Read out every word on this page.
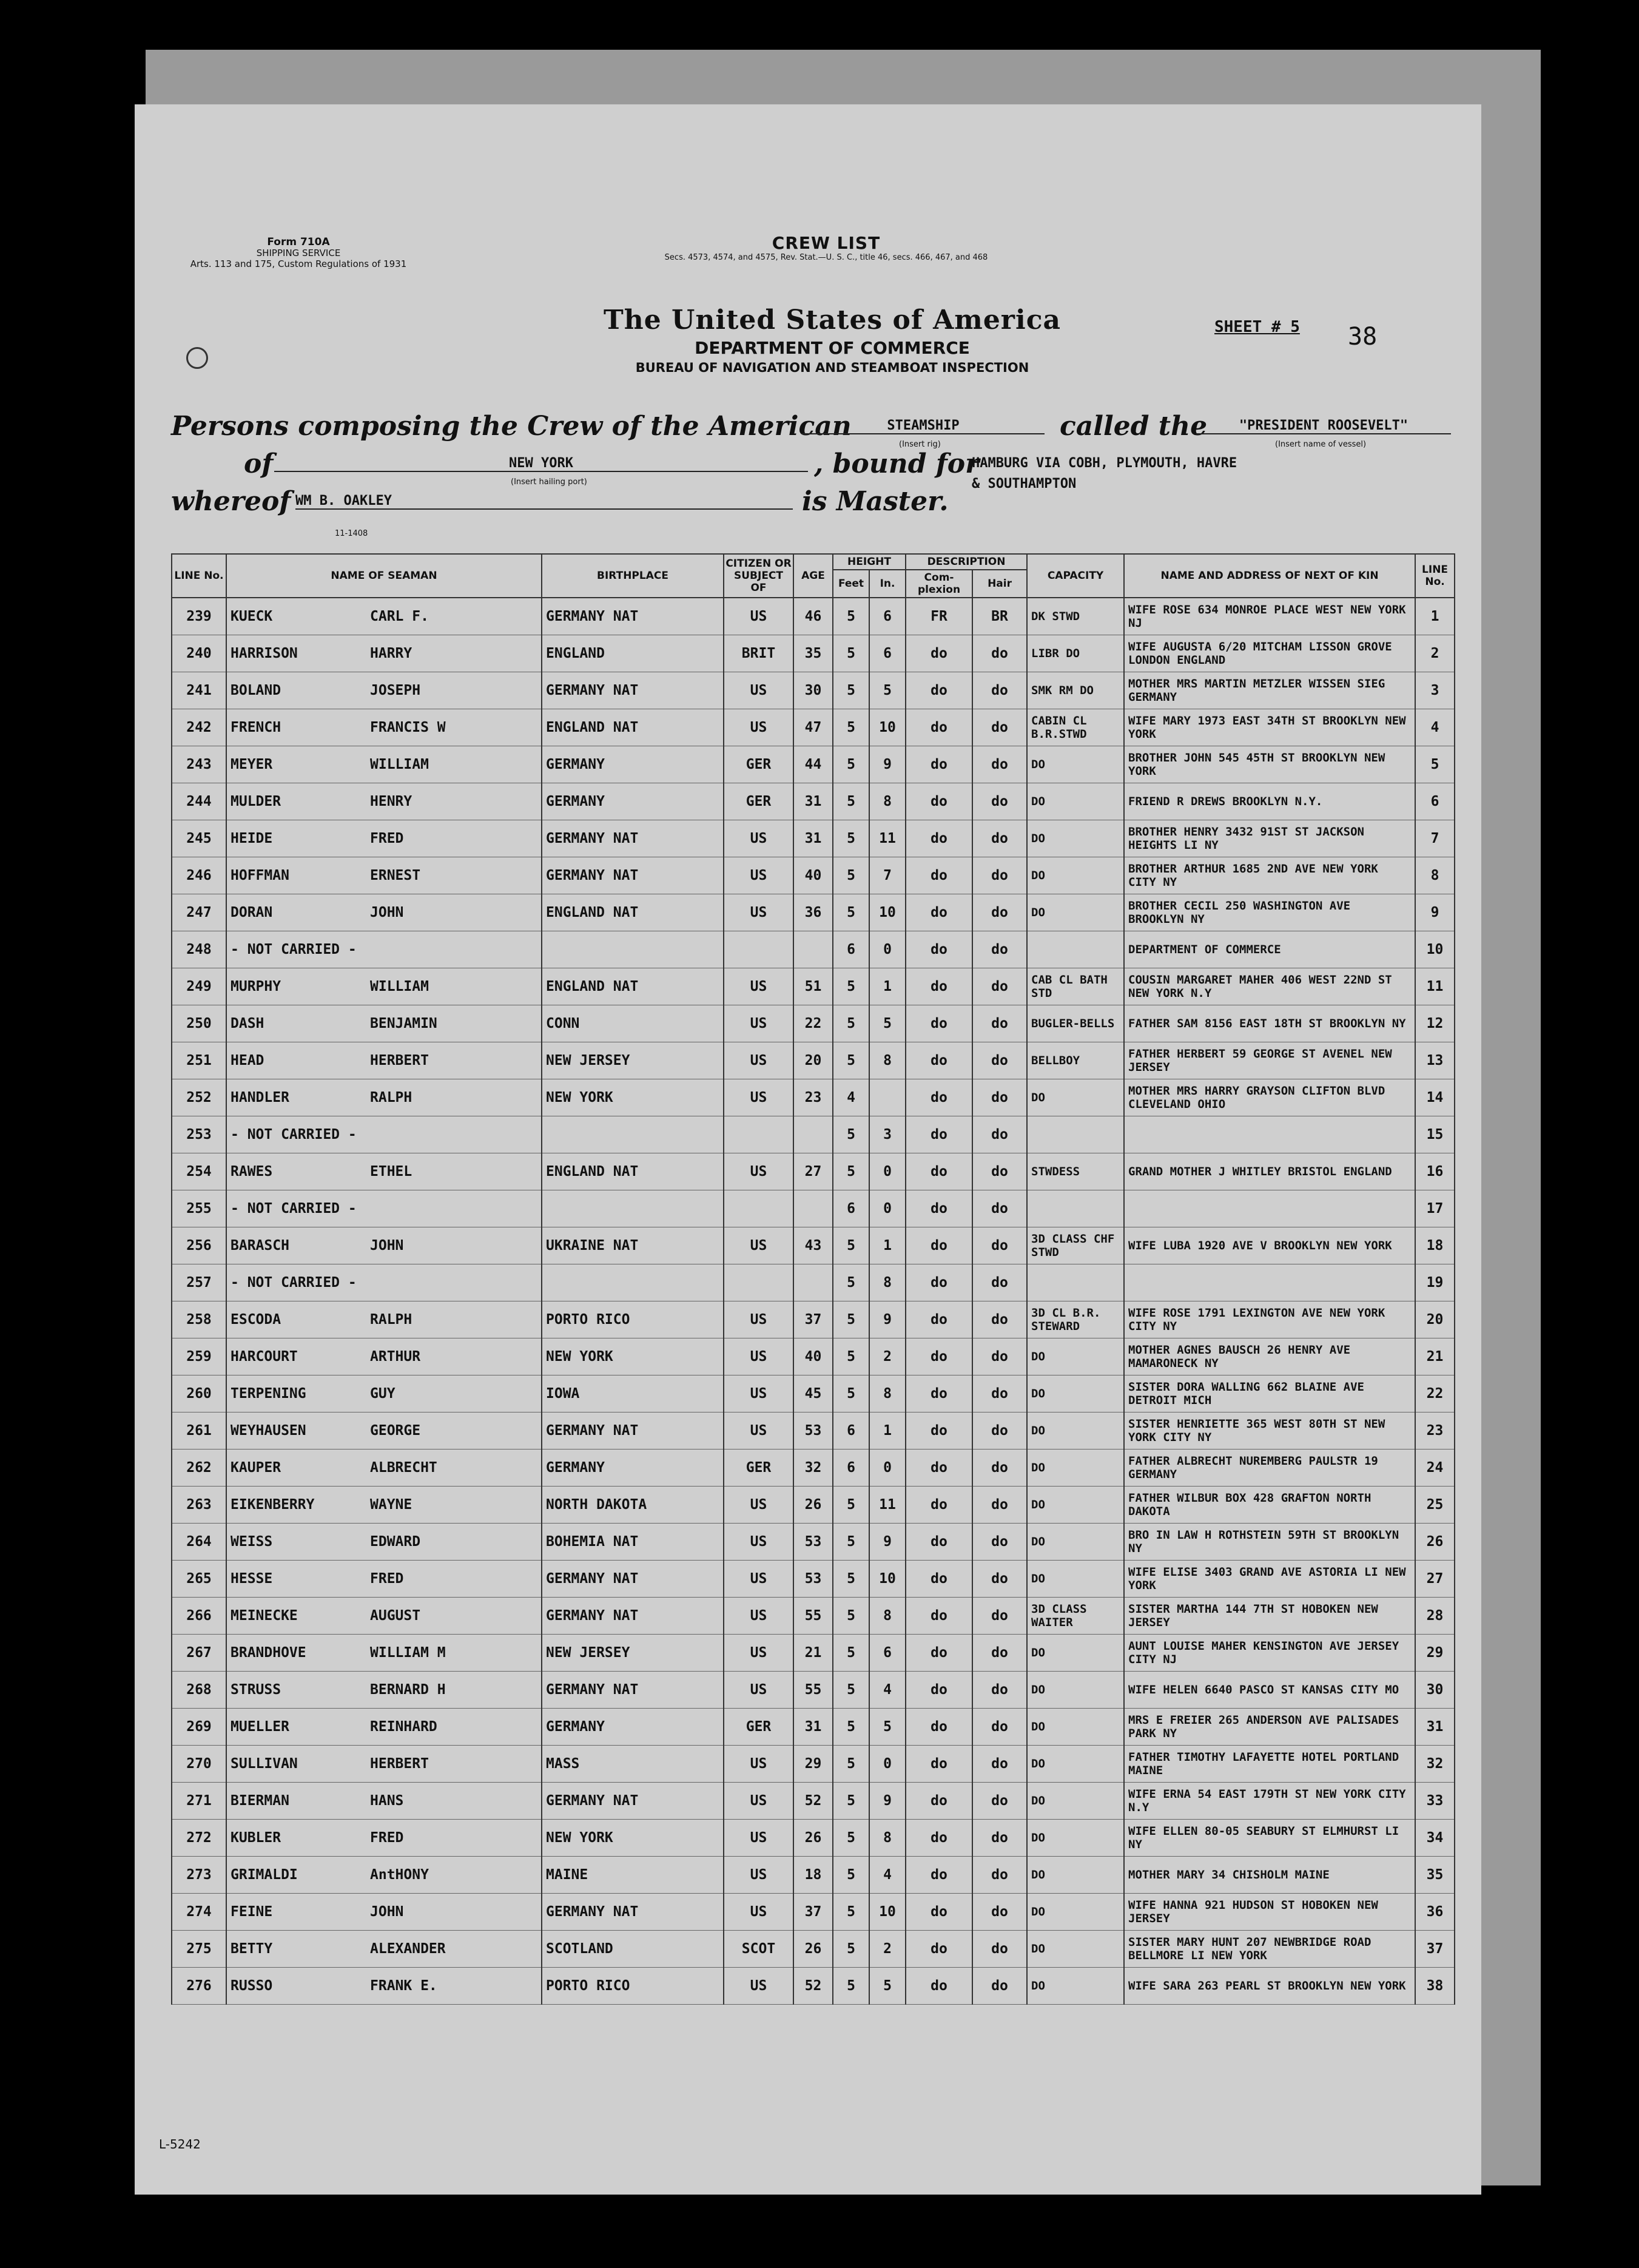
Form 710A
SHIPPING SERVICE
Arts. 113 and 175, Custom Regulations of 1931
CREW LIST
Secs. 4573, 4574, and 4575, Rev. Stat.—U. S. C., title 46, secs. 466, 467, and 468
The United States of America
DEPARTMENT OF COMMERCE
BUREAU OF NAVIGATION AND STEAMBOAT INSPECTION
SHEET # 5 38
Persons composing the Crew of the American	STEAMSHIP
(Insert rig)
called the	"PRESIDENT ROOSEVELT"
(Insert name of vessel)
of	NEW YORK
(Insert hailing port)
, bound for
HAMBURG VIA COBH, PLYMOUTH, HAVRE
whereof WM B. OAKLEY	is Master.
& SOUTHAMPTON
11-1408
LINE No.	NAME OF SEAMAN	BIRTHPLACE	CITIZEN OR SUBJECT OF	AGE	HEIGHT		DESCRIPTION		CAPACITY	NAME AND ADDRESS OF NEXT OF KIN	LINE No.
					Feet	In.	Com- plexion	Hair			
239	KUECK CARL F.	GERMANY NAT	US	46	5	6	FR	BR	DK STWD	WIFE ROSE 634 MONROE PLACE WEST NEW YORK NJ	1
240	HARRISON HARRY	ENGLAND	BRIT	35	5	6	do	do	LIBR DO	WIFE AUGUSTA 6/20 MITCHAM LISSON GROVE LONDON ENGLAND	2
241	BOLAND JOSEPH	GERMANY NAT	US	30	5	5	do	do	SMK RM DO	MOTHER MRS MARTIN METZLER WISSEN SIEG GERMANY	3
242	FRENCH FRANCIS W	ENGLAND NAT	US	47	5	10	do	do	CABIN CL B.R.STWD	WIFE MARY 1973 EAST 34TH ST BROOKLYN NEW YORK	4
243	MEYER WILLIAM	GERMANY	GER	44	5	9	do	do	DO	BROTHER JOHN 545 45TH ST BROOKLYN NEW YORK	5
244	MULDER HENRY	GERMANY	GER	31	5	8	do	do	DO	FRIEND R DREWS BROOKLYN N.Y.	6
245	HEIDE FRED	GERMANY NAT	US	31	5	11	do	do	DO	BROTHER HENRY 3432 91ST ST JACKSON HEIGHTS LI NY	7
246	HOFFMAN ERNEST	GERMANY NAT	US	40	5	7	do	do	DO	BROTHER ARTHUR 1685 2ND AVE NEW YORK CITY NY	8
247	DORAN JOHN	ENGLAND NAT	US	36	5	10	do	do	DO	BROTHER CECIL 250 WASHINGTON AVE BROOKLYN NY	9
248	- NOT CARRIED -				6	0	do	do		DEPARTMENT OF COMMERCE	10
249	MURPHY WILLIAM	ENGLAND NAT	US	51	5	1	do	do	CAB CL BATH STD	COUSIN MARGARET MAHER 406 WEST 22ND ST NEW YORK N.Y	11
250	DASH BENJAMIN	CONN	US	22	5	5	do	do	BUGLER-BELLS	FATHER SAM 8156 EAST 18TH ST BROOKLYN NY	12
251	HEAD HERBERT	NEW JERSEY	US	20	5	8	do	do	BELLBOY	FATHER HERBERT 59 GEORGE ST AVENEL NEW JERSEY	13
252	HANDLER RALPH	NEW YORK	US	23	4		do	do	DO	MOTHER MRS HARRY GRAYSON CLIFTON BLVD CLEVELAND OHIO	14
253	- NOT CARRIED -				5	3	do	do			15
254	RAWES ETHEL	ENGLAND NAT	US	27	5	0	do	do	STWDESS	GRAND MOTHER J WHITLEY BRISTOL ENGLAND	16
255	- NOT CARRIED -				6	0	do	do			17
256	BARASCH JOHN	UKRAINE NAT	US	43	5	1	do	do	3D CLASS CHF STWD	WIFE LUBA 1920 AVE V BROOKLYN NEW YORK	18
257	- NOT CARRIED -				5	8	do	do			19
258	ESCODA RALPH	PORTO RICO	US	37	5	9	do	do	3D CL B.R. STEWARD	WIFE ROSE 1791 LEXINGTON AVE NEW YORK CITY NY	20
259	HARCOURT ARTHUR	NEW YORK	US	40	5	2	do	do	DO	MOTHER AGNES BAUSCH 26 HENRY AVE MAMARONECK NY	21
260	TERPENING GUY	IOWA	US	45	5	8	do	do	DO	SISTER DORA WALLING 662 BLAINE AVE DETROIT MICH	22
261	WEYHAUSEN GEORGE	GERMANY NAT	US	53	6	1	do	do	DO	SISTER HENRIETTE 365 WEST 80TH ST NEW YORK CITY NY	23
262	KAUPER ALBRECHT	GERMANY	GER	32	6	0	do	do	DO	FATHER ALBRECHT NUREMBERG PAULSTR 19 GERMANY	24
263	EIKENBERRY WAYNE	NORTH DAKOTA	US	26	5	11	do	do	DO	FATHER WILBUR BOX 428 GRAFTON NORTH DAKOTA	25
264	WEISS EDWARD	BOHEMIA NAT	US	53	5	9	do	do	DO	BRO IN LAW H ROTHSTEIN 59TH ST BROOKLYN NY	26
265	HESSE FRED	GERMANY NAT	US	53	5	10	do	do	DO	WIFE ELISE 3403 GRAND AVE ASTORIA LI NEW YORK	27
266	MEINECKE AUGUST	GERMANY NAT	US	55	5	8	do	do	3D CLASS WAITER	SISTER MARTHA 144 7TH ST HOBOKEN NEW JERSEY	28
267	BRANDHOVE WILLIAM M	NEW JERSEY	US	21	5	6	do	do	DO	AUNT LOUISE MAHER KENSINGTON AVE JERSEY CITY NJ	29
268	STRUSS BERNARD H	GERMANY NAT	US	55	5	4	do	do	DO	WIFE HELEN 6640 PASCO ST KANSAS CITY MO	30
269	MUELLER REINHARD	GERMANY	GER	31	5	5	do	do	DO	MRS E FREIER 265 ANDERSON AVE PALISADES PARK NY	31
270	SULLIVAN HERBERT	MASS	US	29	5	0	do	do	DO	FATHER TIMOTHY LAFAYETTE HOTEL PORTLAND MAINE	32
271	BIERMAN HANS	GERMANY NAT	US	52	5	9	do	do	DO	WIFE ERNA 54 EAST 179TH ST NEW YORK CITY N.Y	33
272	KUBLER FRED	NEW YORK	US	26	5	8	do	do	DO	WIFE ELLEN 80-05 SEABURY ST ELMHURST LI NY	34
273	GRIMALDI AntHONY	MAINE	US	18	5	4	do	do	DO	MOTHER MARY 34 CHISHOLM MAINE	35
274	FEINE JOHN	GERMANY NAT	US	37	5	10	do	do	DO	WIFE HANNA 921 HUDSON ST HOBOKEN NEW JERSEY	36
275	BETTY ALEXANDER	SCOTLAND	SCOT	26	5	2	do	do	DO	SISTER MARY HUNT 207 NEWBRIDGE ROAD BELLMORE LI NEW YORK	37
276	RUSSO FRANK E.	PORTO RICO	US	52	5	5	do	do	DO	WIFE SARA 263 PEARL ST BROOKLYN NEW YORK	38
L-5242
